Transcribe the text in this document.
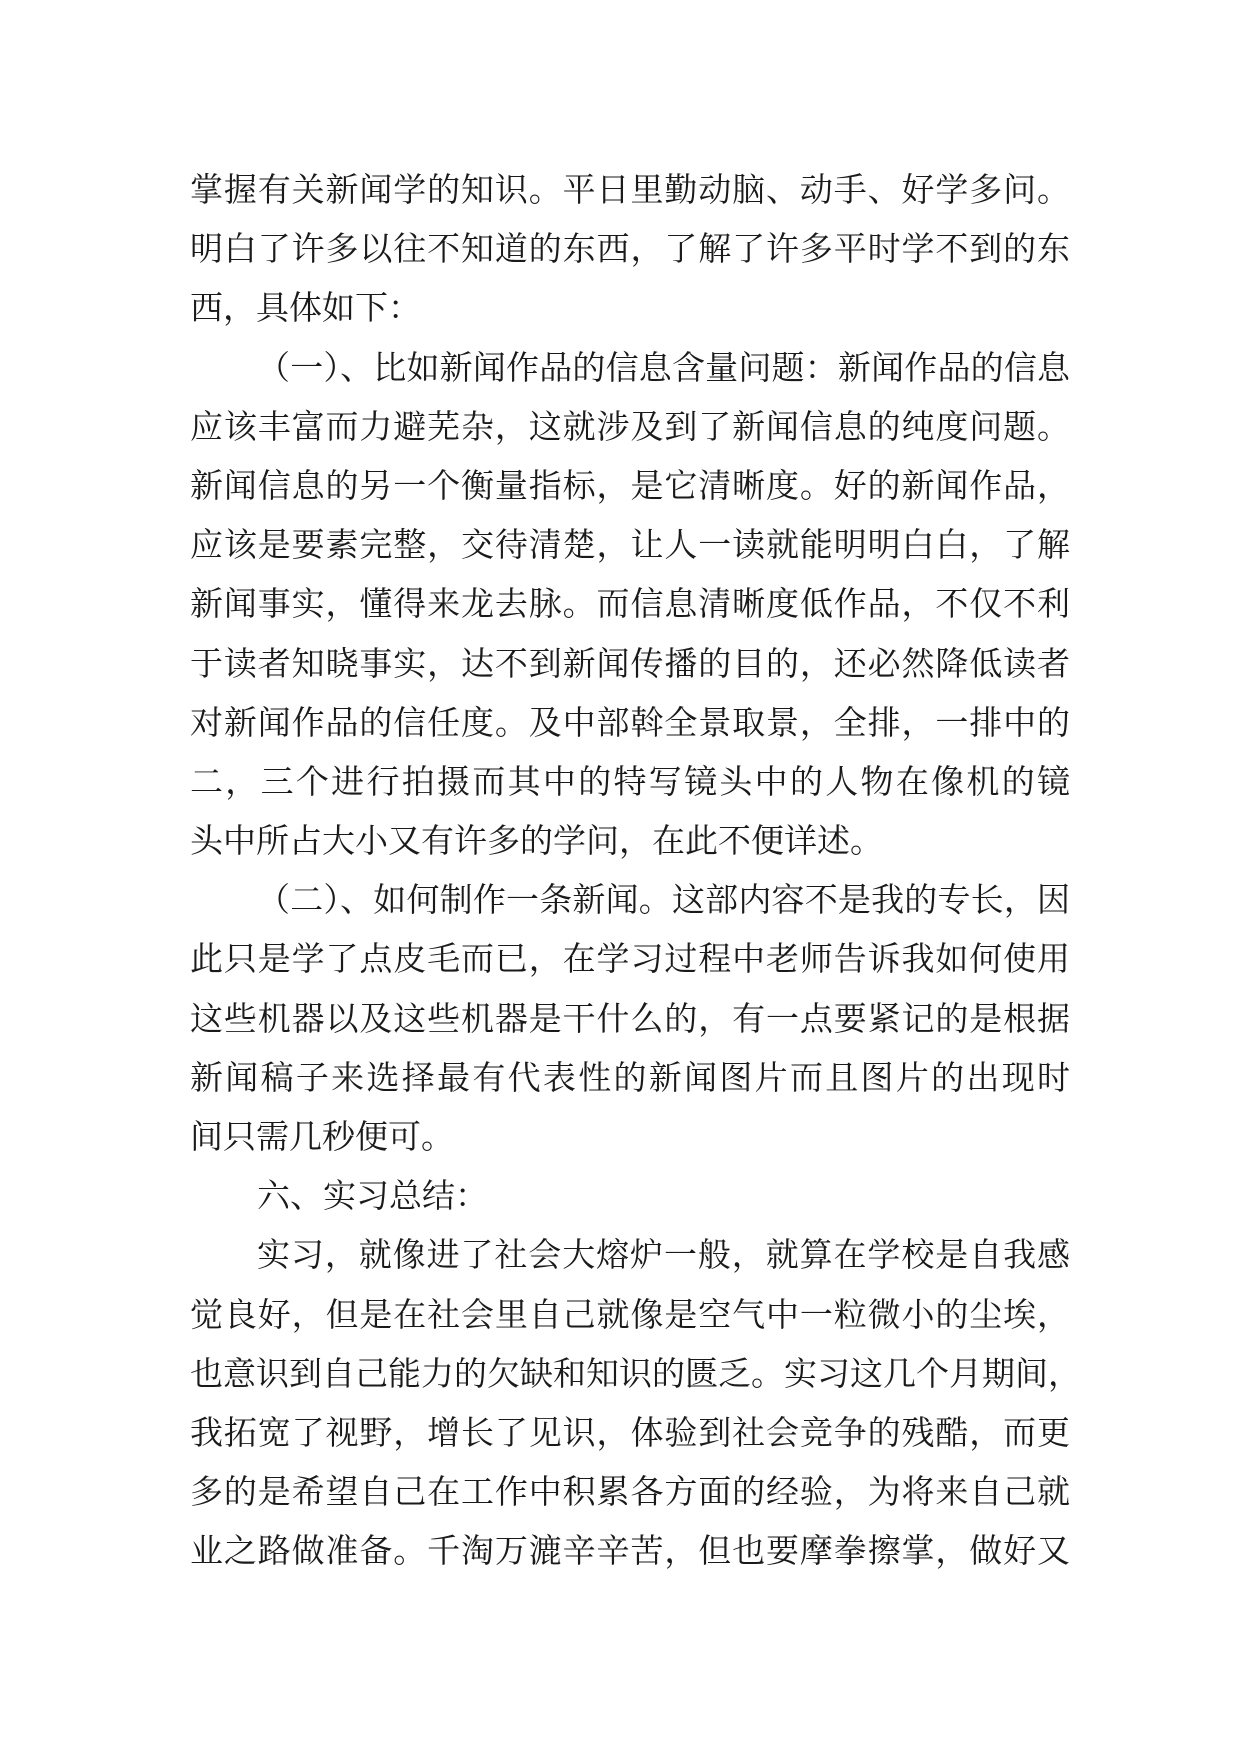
掌握有关新闻学的知识。平日里勤动脑、动手、好学多问。
明白了许多以往不知道的东西，了解了许多平时学不到的东
西，具体如下：
（一）、比如新闻作品的信息含量问题：新闻作品的信息
应该丰富而力避芜杂，这就涉及到了新闻信息的纯度问题。
新闻信息的另一个衡量指标，是它清晰度。好的新闻作品，
应该是要素完整，交待清楚，让人一读就能明明白白，了解
新闻事实，懂得来龙去脉。而信息清晰度低作品，不仅不利
于读者知晓事实，达不到新闻传播的目的，还必然降低读者
对新闻作品的信任度。及中部斡全景取景，全排，一排中的
二，三个进行拍摄而其中的特写镜头中的人物在像机的镜
头中所占大小又有许多的学问，在此不便详述。
（二）、如何制作一条新闻。这部内容不是我的专长，因
此只是学了点皮毛而已，在学习过程中老师告诉我如何使用
这些机器以及这些机器是干什么的，有一点要紧记的是根据
新闻稿子来选择最有代表性的新闻图片而且图片的出现时
间只需几秒便可。
六、实习总结：
实习，就像进了社会大熔炉一般，就算在学校是自我感
觉良好，但是在社会里自己就像是空气中一粒微小的尘埃，
也意识到自己能力的欠缺和知识的匮乏。实习这几个月期间，
我拓宽了视野，增长了见识，体验到社会竞争的残酷，而更
多的是希望自己在工作中积累各方面的经验，为将来自己就
业之路做准备。千淘万漉辛辛苦，但也要摩拳擦掌，做好又
